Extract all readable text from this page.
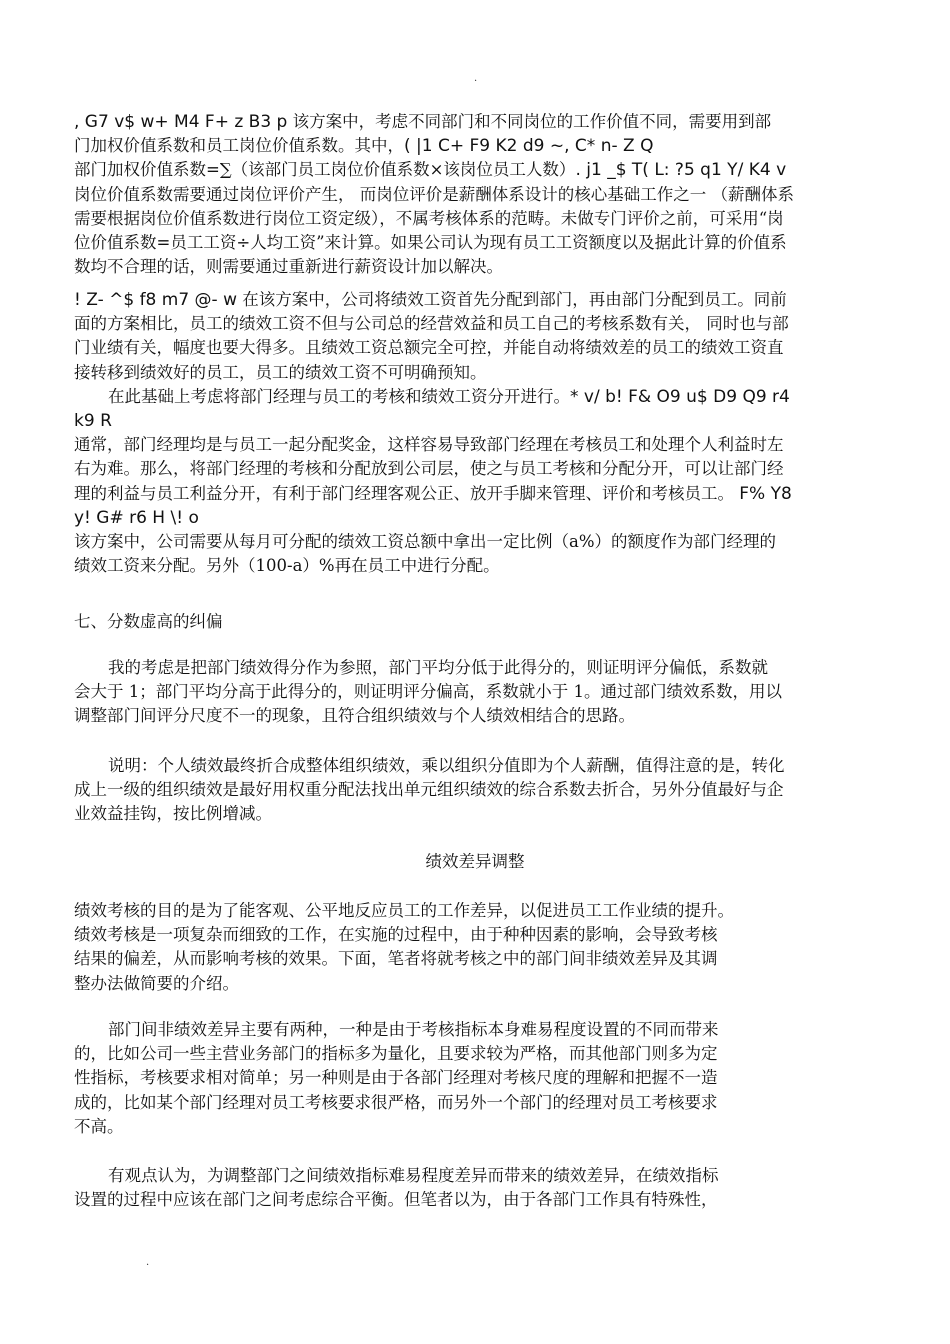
.
, G7 v$ w+ M4 F+ z B3 p 该方案中，考虑不同部门和不同岗位的工作价值不同，需要用到部
门加权价值系数和员工岗位价值系数。其中，( |1 C+ F9 K2 d9 ~, C* n- Z Q
部门加权价值系数=∑（该部门员工岗位价值系数×该岗位员工人数）. j1 _$ T( L: ?5 q1 Y/ K4 v
岗位价值系数需要通过岗位评价产生， 而岗位评价是薪酬体系设计的核心基础工作之一 （薪酬体系
需要根据岗位价值系数进行岗位工资定级），不属考核体系的范畴。未做专门评价之前，可采用“岗
位价值系数=员工工资÷人均工资”来计算。如果公司认为现有员工工资额度以及据此计算的价值系
数均不合理的话，则需要通过重新进行薪资设计加以解决。
! Z- ^$ f8 m7 @- w 在该方案中，公司将绩效工资首先分配到部门，再由部门分配到员工。同前
面的方案相比，员工的绩效工资不但与公司总的经营效益和员工自己的考核系数有关， 同时也与部
门业绩有关，幅度也要大得多。且绩效工资总额完全可控，并能自动将绩效差的员工的绩效工资直
接转移到绩效好的员工，员工的绩效工资不可明确预知。
在此基础上考虑将部门经理与员工的考核和绩效工资分开进行。* v/ b! F& O9 u$ D9 Q9 r4
k9 R
通常，部门经理均是与员工一起分配奖金，这样容易导致部门经理在考核员工和处理个人利益时左
右为难。那么，将部门经理的考核和分配放到公司层，使之与员工考核和分配分开，可以让部门经
理的利益与员工利益分开，有利于部门经理客观公正、放开手脚来管理、评价和考核员工。 F% Y8
y! G# r6 H \! o
该方案中，公司需要从每月可分配的绩效工资总额中拿出一定比例（a%）的额度作为部门经理的
绩效工资来分配。另外（100-a）%再在员工中进行分配。
七、分数虚高的纠偏
我的考虑是把部门绩效得分作为参照，部门平均分低于此得分的，则证明评分偏低，系数就
会大于 1；部门平均分高于此得分的，则证明评分偏高，系数就小于 1。通过部门绩效系数，用以
调整部门间评分尺度不一的现象，且符合组织绩效与个人绩效相结合的思路。
说明：个人绩效最终折合成整体组织绩效，乘以组织分值即为个人薪酬，值得注意的是，转化
成上一级的组织绩效是最好用权重分配法找出单元组织绩效的综合系数去折合，另外分值最好与企
业效益挂钩，按比例增减。
绩效差异调整
绩效考核的目的是为了能客观、公平地反应员工的工作差异，以促进员工工作业绩的提升。
绩效考核是一项复杂而细致的工作，在实施的过程中，由于种种因素的影响，会导致考核
结果的偏差，从而影响考核的效果。下面，笔者将就考核之中的部门间非绩效差异及其调
整办法做简要的介绍。
部门间非绩效差异主要有两种，一种是由于考核指标本身难易程度设置的不同而带来
的，比如公司一些主营业务部门的指标多为量化，且要求较为严格，而其他部门则多为定
性指标，考核要求相对简单；另一种则是由于各部门经理对考核尺度的理解和把握不一造
成的，比如某个部门经理对员工考核要求很严格，而另外一个部门的经理对员工考核要求
不高。
有观点认为，为调整部门之间绩效指标难易程度差异而带来的绩效差异，在绩效指标
设置的过程中应该在部门之间考虑综合平衡。但笔者以为，由于各部门工作具有特殊性，
.
